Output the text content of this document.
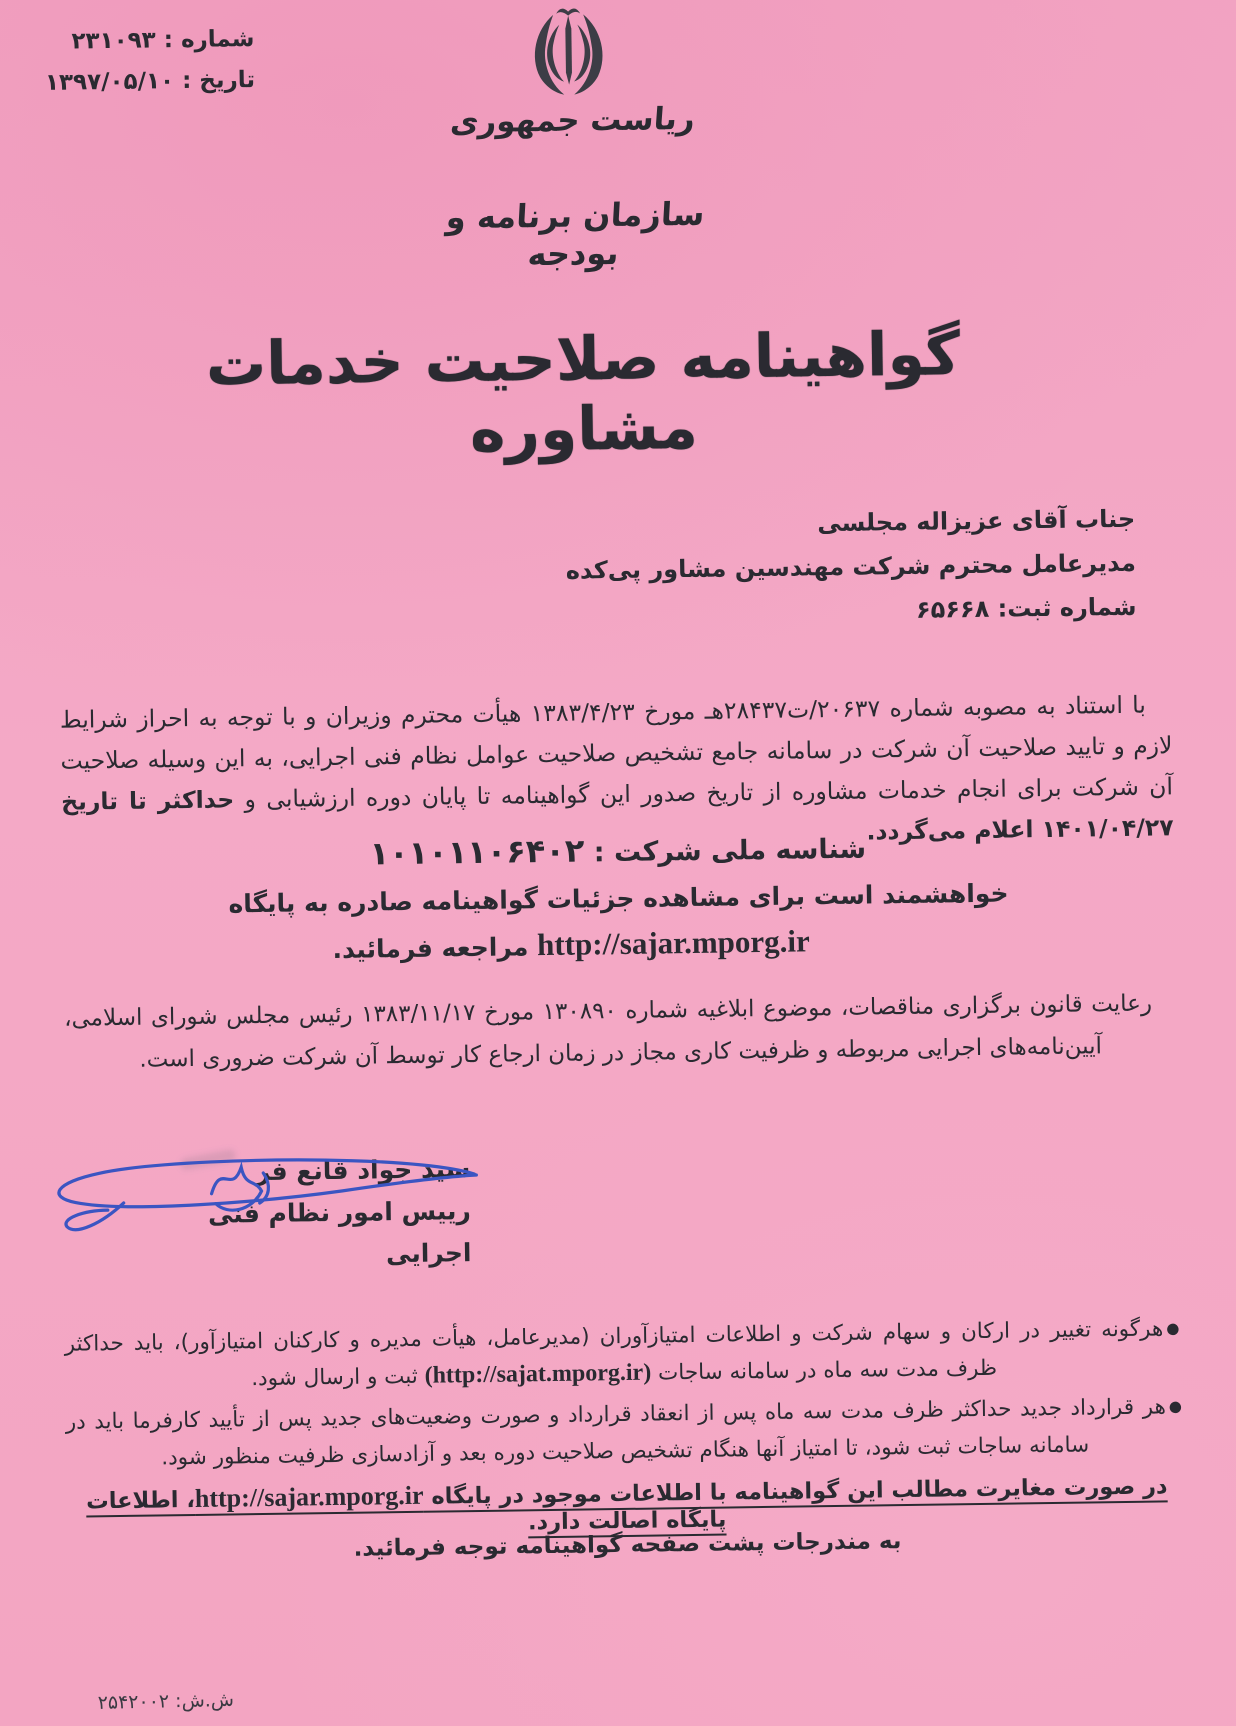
شماره : ۲۳۱۰۹۳
تاریخ : ۱۳۹۷/۰۵/۱۰
ریاست جمهوری
سازمان برنامه و بودجه
گواهینامه صلاحیت خدمات مشاوره
جناب آقای عزیزاله مجلسی
مدیرعامل محترم شرکت مهندسین مشاور پی‌کده
شماره ثبت: ۶۵۶۶۸

با استناد به مصوبه شماره ۲۰۶۳۷/ت۲۸۴۳۷هـ مورخ ۱۳۸۳/۴/۲۳ هیأت محترم وزیران و با توجه به احراز شرایط لازم و تایید صلاحیت آن شرکت در سامانه جامع تشخیص صلاحیت عوامل نظام فنی اجرایی، به این وسیله صلاحیت آن شرکت برای انجام خدمات مشاوره از تاریخ صدور این گواهینامه تا پایان دوره ارزشیابی و حداکثر تا تاریخ ۱۴۰۱/۰۴/۲۷ اعلام می‌گردد.

شناسه ملی شرکت : ۱۰۱۰۱۱۰۶۴۰۲
خواهشمند است برای مشاهده جزئیات گواهینامه صادره به پایگاه
http://sajar.mporg.ir مراجعه فرمائید.

رعایت قانون برگزاری مناقصات، موضوع ابلاغیه شماره ۱۳۰۸۹۰ مورخ ۱۳۸۳/۱۱/۱۷ رئیس مجلس شورای اسلامی، آیین‌نامه‌های اجرایی مربوطه و ظرفیت کاری مجاز در زمان ارجاع کار توسط آن شرکت ضروری است.

سید جواد قانع فر
رییس امور نظام فنی اجرایی

●هرگونه تغییر در ارکان و سهام شرکت و اطلاعات امتیازآوران (مدیرعامل، هیأت مدیره و کارکنان امتیازآور)، باید حداکثر ظرف مدت سه ماه در سامانه ساجات (http://sajat.mporg.ir) ثبت و ارسال شود.

●هر قرارداد جدید حداکثر ظرف مدت سه ماه پس از انعقاد قرارداد و صورت وضعیت‌های جدید پس از تأیید کارفرما باید در سامانه ساجات ثبت شود، تا امتیاز آنها هنگام تشخیص صلاحیت دوره بعد و آزادسازی ظرفیت منظور شود.

در صورت مغایرت مطالب این گواهینامه با اطلاعات موجود در پایگاه http://sajar.mporg.ir، اطلاعات پایگاه اصالت دارد.
به مندرجات پشت صفحه گواهینامه توجه فرمائید.
ش.ش: ۲۵۴۲۰۰۲
